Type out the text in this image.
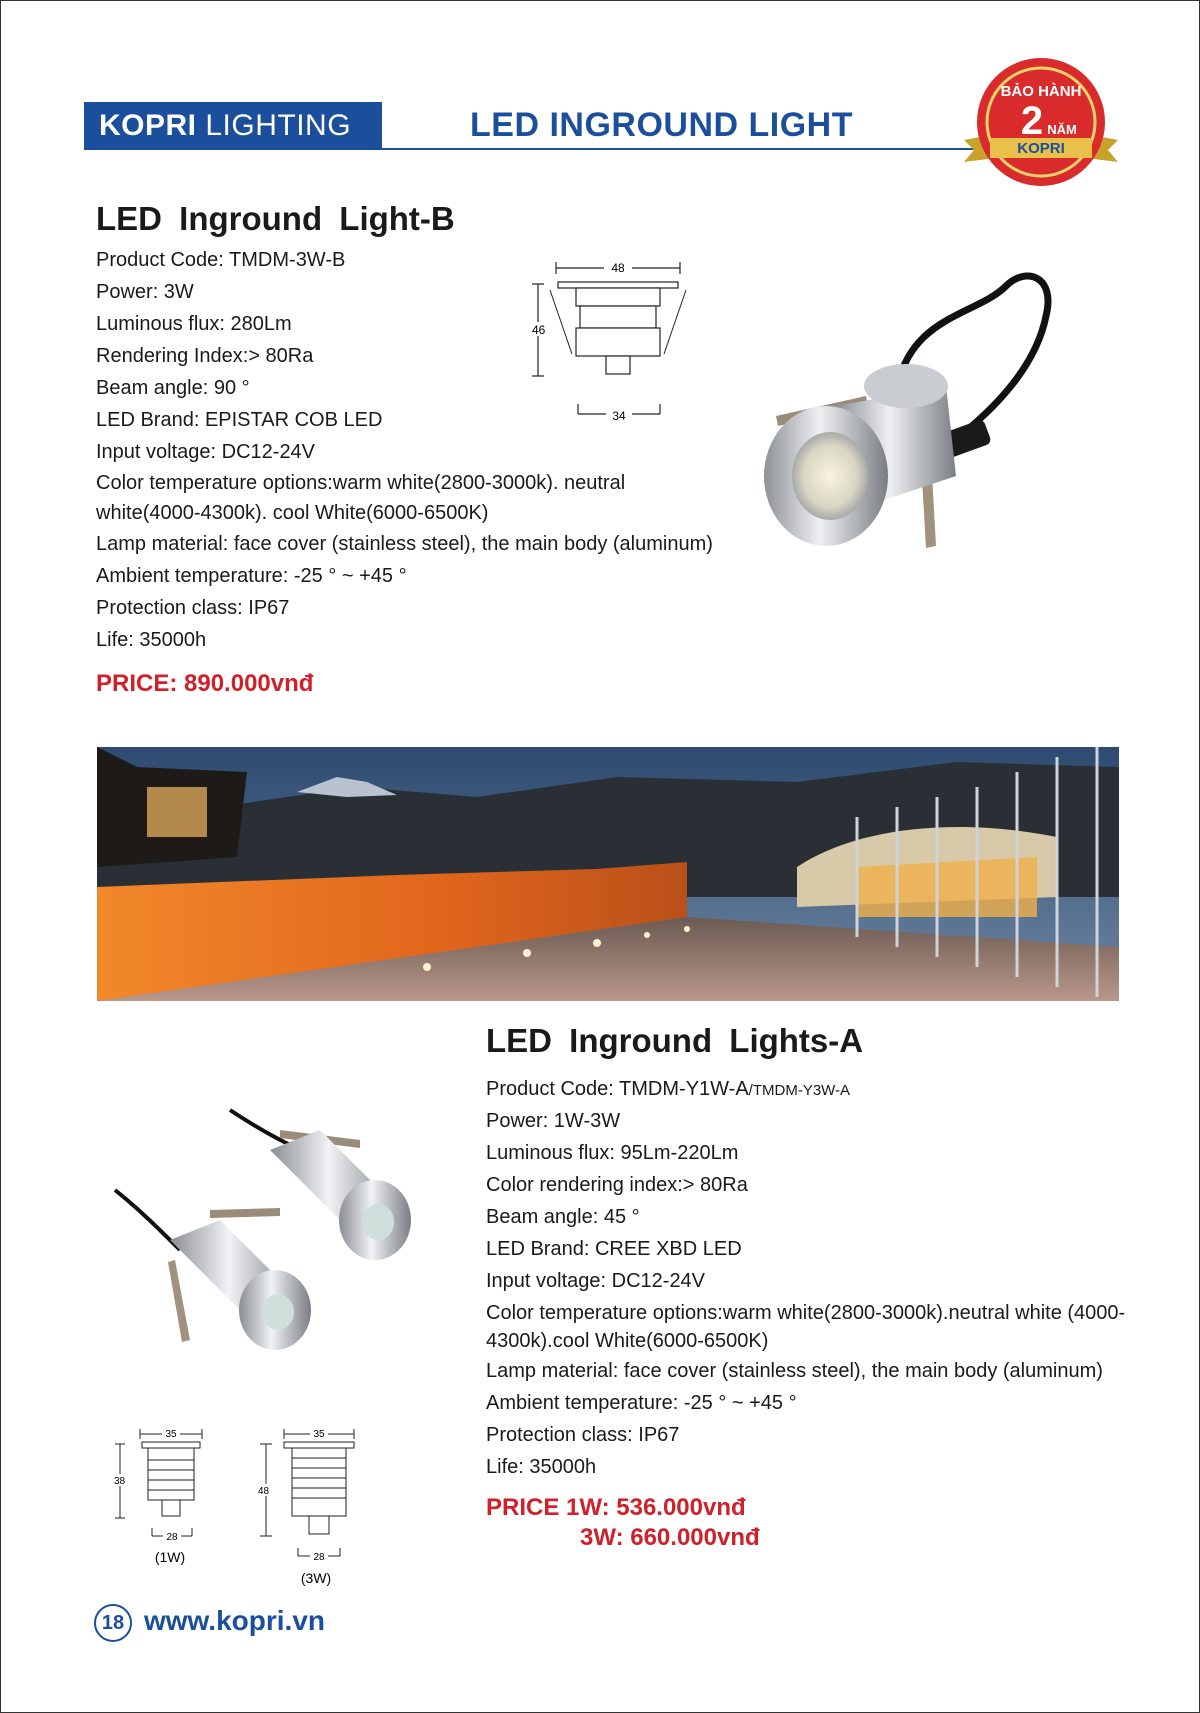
KOPRI LIGHTING	LED INGROUND LIGHT
BẢO HÀNH
2 NĂM
KOPRI
LED Inground Light-B
Product Code: TMDM-3W-B
Power: 3W
Luminous flux: 280Lm
Rendering Index:> 80Ra
Beam angle: 90 °
LED Brand: EPISTAR COB LED
Input voltage: DC12-24V
Color temperature options:warm white(2800-3000k). neutral white(4000-4300k). cool White(6000-6500K)
Lamp material: face cover (stainless steel), the main body (aluminum)
Ambient temperature: -25 ° ~ +45 °
Protection class: IP67
Life: 35000h
PRICE: 890.000vnđ
48
46
34
35
38
28
(1W)
35
48
28
(3W)
LED Inground Lights-A
Product Code: TMDM-Y1W-A/TMDM-Y3W-A
Power: 1W-3W
Luminous flux: 95Lm-220Lm
Color rendering index:> 80Ra
Beam angle: 45 °
LED Brand: CREE XBD LED
Input voltage: DC12-24V
Color temperature options:warm white(2800-3000k).neutral white (4000-4300k).cool White(6000-6500K)
Lamp material: face cover (stainless steel), the main body (aluminum)
Ambient temperature: -25 ° ~ +45 °
Protection class: IP67
Life: 35000h
PRICE 1W: 536.000vnđ
3W: 660.000vnđ
18 www.kopri.vn
